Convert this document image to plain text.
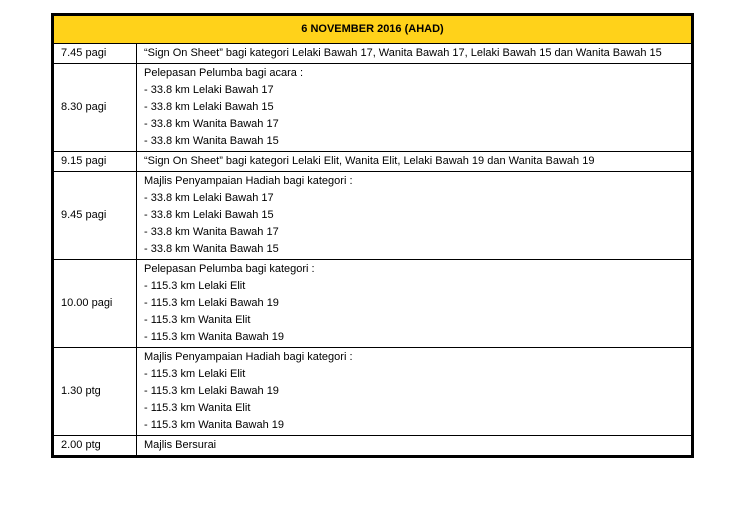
6 NOVEMBER 2016 (AHAD)	
7.45 pagi	“Sign On Sheet” bagi kategori Lelaki Bawah 17, Wanita Bawah 17, Lelaki Bawah 15 dan Wanita Bawah 15

8.30 pagi	Pelepasan Pelumba bagi acara :
- 33.8 km Lelaki Bawah 17
- 33.8 km Lelaki Bawah 15
- 33.8 km Wanita Bawah 17
- 33.8 km Wanita Bawah 15

9.15 pagi	“Sign On Sheet” bagi kategori Lelaki Elit, Wanita Elit, Lelaki Bawah 19 dan Wanita Bawah 19

9.45 pagi	Majlis Penyampaian Hadiah bagi kategori :
- 33.8 km Lelaki Bawah 17
- 33.8 km Lelaki Bawah 15
- 33.8 km Wanita Bawah 17
- 33.8 km Wanita Bawah 15

10.00 pagi	Pelepasan Pelumba bagi kategori :
- 115.3 km Lelaki Elit
- 115.3 km Lelaki Bawah 19
- 115.3 km Wanita Elit
- 115.3 km Wanita Bawah 19

1.30 ptg	Majlis Penyampaian Hadiah bagi kategori :
- 115.3 km Lelaki Elit
- 115.3 km Lelaki Bawah 19
- 115.3 km Wanita Elit
- 115.3 km Wanita Bawah 19

2.00 ptg	Majlis Bersurai
